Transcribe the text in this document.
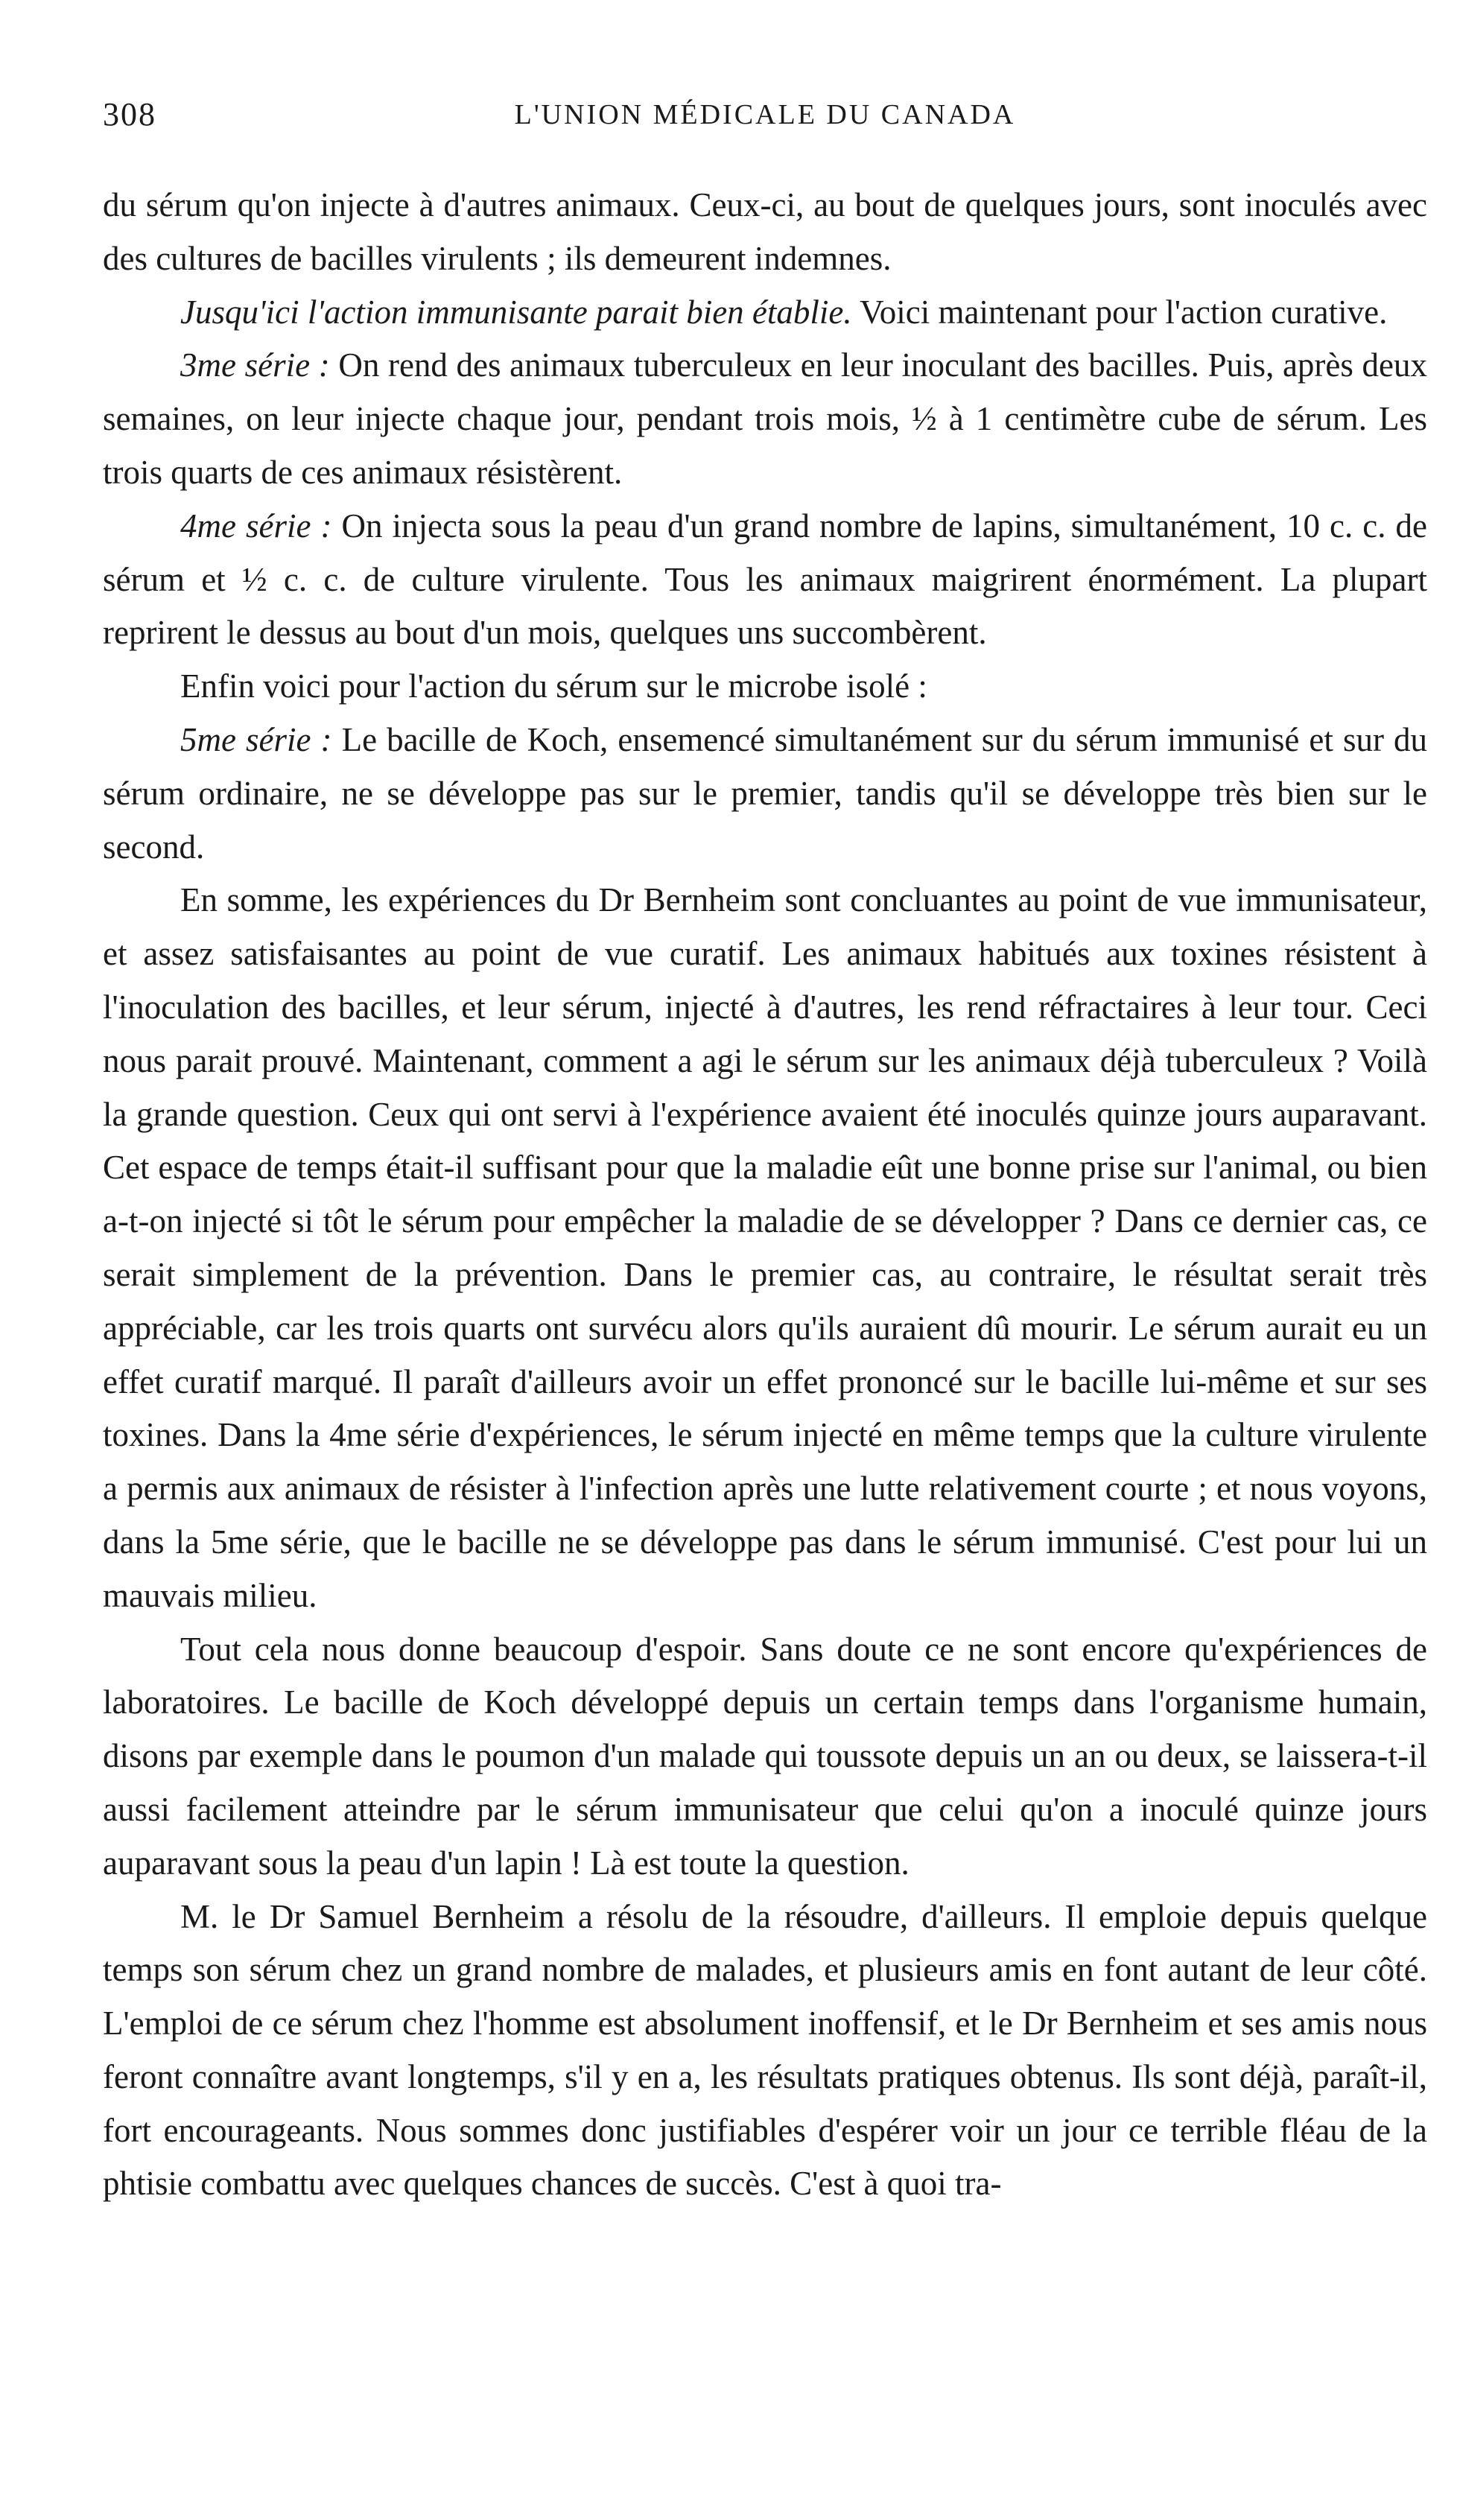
308	L'UNION MÉDICALE DU CANADA

du sérum qu'on injecte à d'autres animaux. Ceux-ci, au bout de quelques jours, sont inoculés avec des cultures de bacilles virulents ; ils demeurent indemnes.

Jusqu'ici l'action immunisante parait bien établie. Voici maintenant pour l'action curative.

3me série : On rend des animaux tuberculeux en leur inoculant des bacilles. Puis, après deux semaines, on leur injecte chaque jour, pendant trois mois, ½ à 1 centimètre cube de sérum. Les trois quarts de ces animaux résistèrent.

4me série : On injecta sous la peau d'un grand nombre de lapins, simultanément, 10 c. c. de sérum et ½ c. c. de culture virulente. Tous les animaux maigrirent énormément. La plupart reprirent le dessus au bout d'un mois, quelques uns succombèrent.

Enfin voici pour l'action du sérum sur le microbe isolé :

5me série : Le bacille de Koch, ensemencé simultanément sur du sérum immunisé et sur du sérum ordinaire, ne se développe pas sur le premier, tandis qu'il se développe très bien sur le second.

En somme, les expériences du Dr Bernheim sont concluantes au point de vue immunisateur, et assez satisfaisantes au point de vue curatif. Les animaux habitués aux toxines résistent à l'inoculation des bacilles, et leur sérum, injecté à d'autres, les rend réfractaires à leur tour. Ceci nous parait prouvé. Maintenant, comment a agi le sérum sur les animaux déjà tuberculeux ? Voilà la grande question. Ceux qui ont servi à l'expérience avaient été inoculés quinze jours auparavant. Cet espace de temps était-il suffisant pour que la maladie eût une bonne prise sur l'animal, ou bien a-t-on injecté si tôt le sérum pour empêcher la maladie de se développer ? Dans ce dernier cas, ce serait simplement de la prévention. Dans le premier cas, au contraire, le résultat serait très appréciable, car les trois quarts ont survécu alors qu'ils auraient dû mourir. Le sérum aurait eu un effet curatif marqué. Il paraît d'ailleurs avoir un effet prononcé sur le bacille lui-même et sur ses toxines. Dans la 4me série d'expériences, le sérum injecté en même temps que la culture virulente a permis aux animaux de résister à l'infection après une lutte relativement courte ; et nous voyons, dans la 5me série, que le bacille ne se développe pas dans le sérum immunisé. C'est pour lui un mauvais milieu.

Tout cela nous donne beaucoup d'espoir. Sans doute ce ne sont encore qu'expériences de laboratoires. Le bacille de Koch développé depuis un certain temps dans l'organisme humain, disons par exemple dans le poumon d'un malade qui toussote depuis un an ou deux, se laissera-t-il aussi facilement atteindre par le sérum immunisateur que celui qu'on a inoculé quinze jours auparavant sous la peau d'un lapin ! Là est toute la question.

M. le Dr Samuel Bernheim a résolu de la résoudre, d'ailleurs. Il emploie depuis quelque temps son sérum chez un grand nombre de malades, et plusieurs amis en font autant de leur côté. L'emploi de ce sérum chez l'homme est absolument inoffensif, et le Dr Bernheim et ses amis nous feront connaître avant longtemps, s'il y en a, les résultats pratiques obtenus. Ils sont déjà, paraît-il, fort encourageants. Nous sommes donc justifiables d'espérer voir un jour ce terrible fléau de la phtisie combattu avec quelques chances de succès. C'est à quoi tra-
